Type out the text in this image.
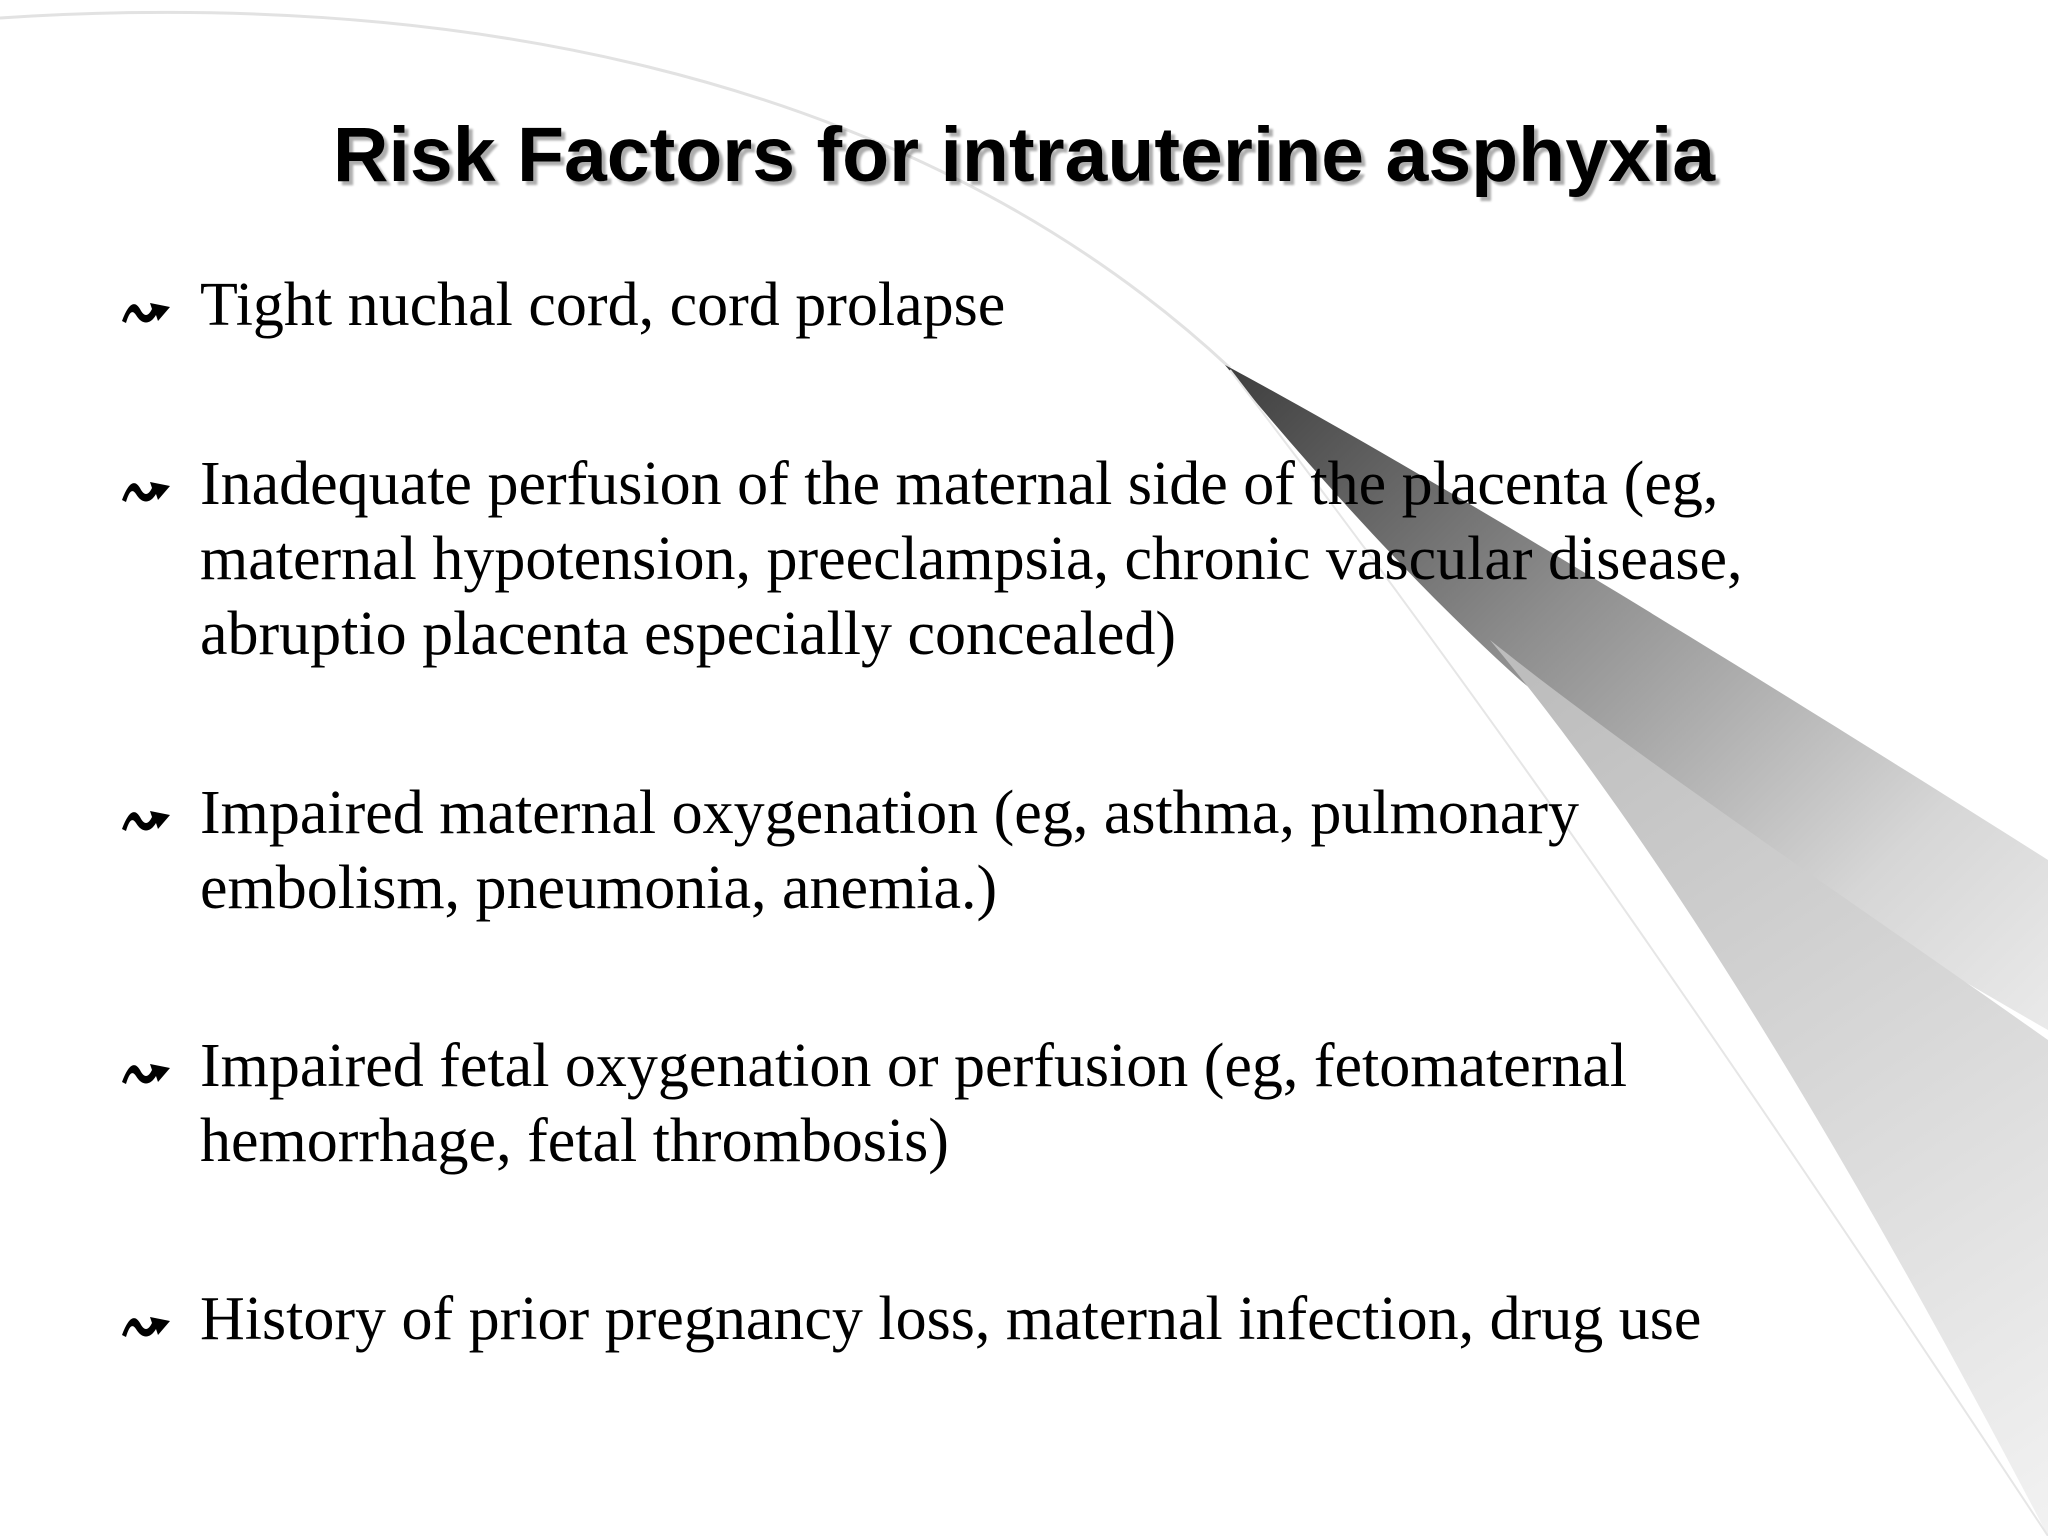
Risk Factors for intrauterine asphyxia
Tight nuchal cord, cord prolapse
Inadequate perfusion of the maternal side of the placenta (eg,
maternal hypotension, preeclampsia, chronic vascular disease,
abruptio placenta especially concealed)
Impaired maternal oxygenation (eg, asthma, pulmonary
embolism, pneumonia, anemia.)
Impaired fetal oxygenation or perfusion (eg, fetomaternal
hemorrhage, fetal thrombosis)
History of prior pregnancy loss, maternal infection, drug use
